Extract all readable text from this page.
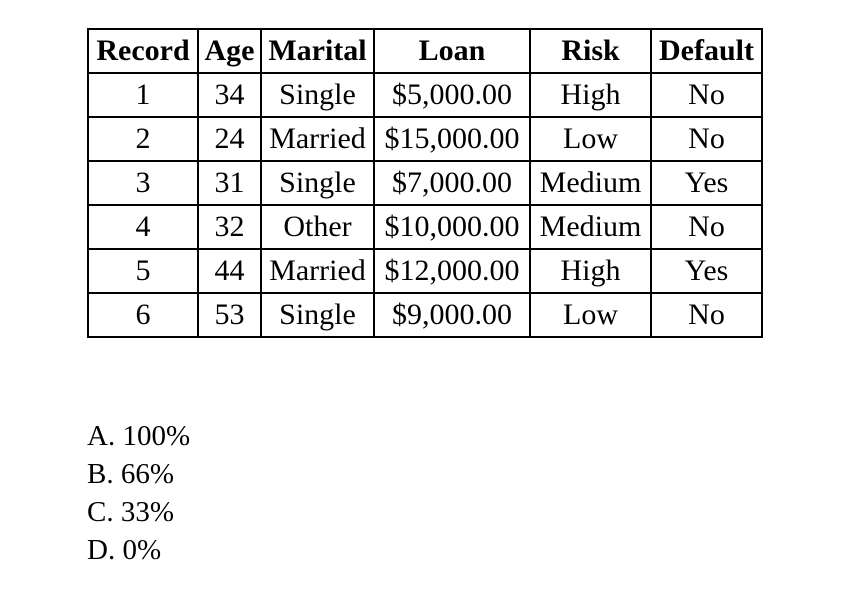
Record	Age	Marital	Loan	Risk	Default
1	34	Single	$5,000.00	High	No
2	24	Married	$15,000.00	Low	No
3	31	Single	$7,000.00	Medium	Yes
4	32	Other	$10,000.00	Medium	No
5	44	Married	$12,000.00	High	Yes
6	53	Single	$9,000.00	Low	No
A. 100%
B. 66%
C. 33%
D. 0%
